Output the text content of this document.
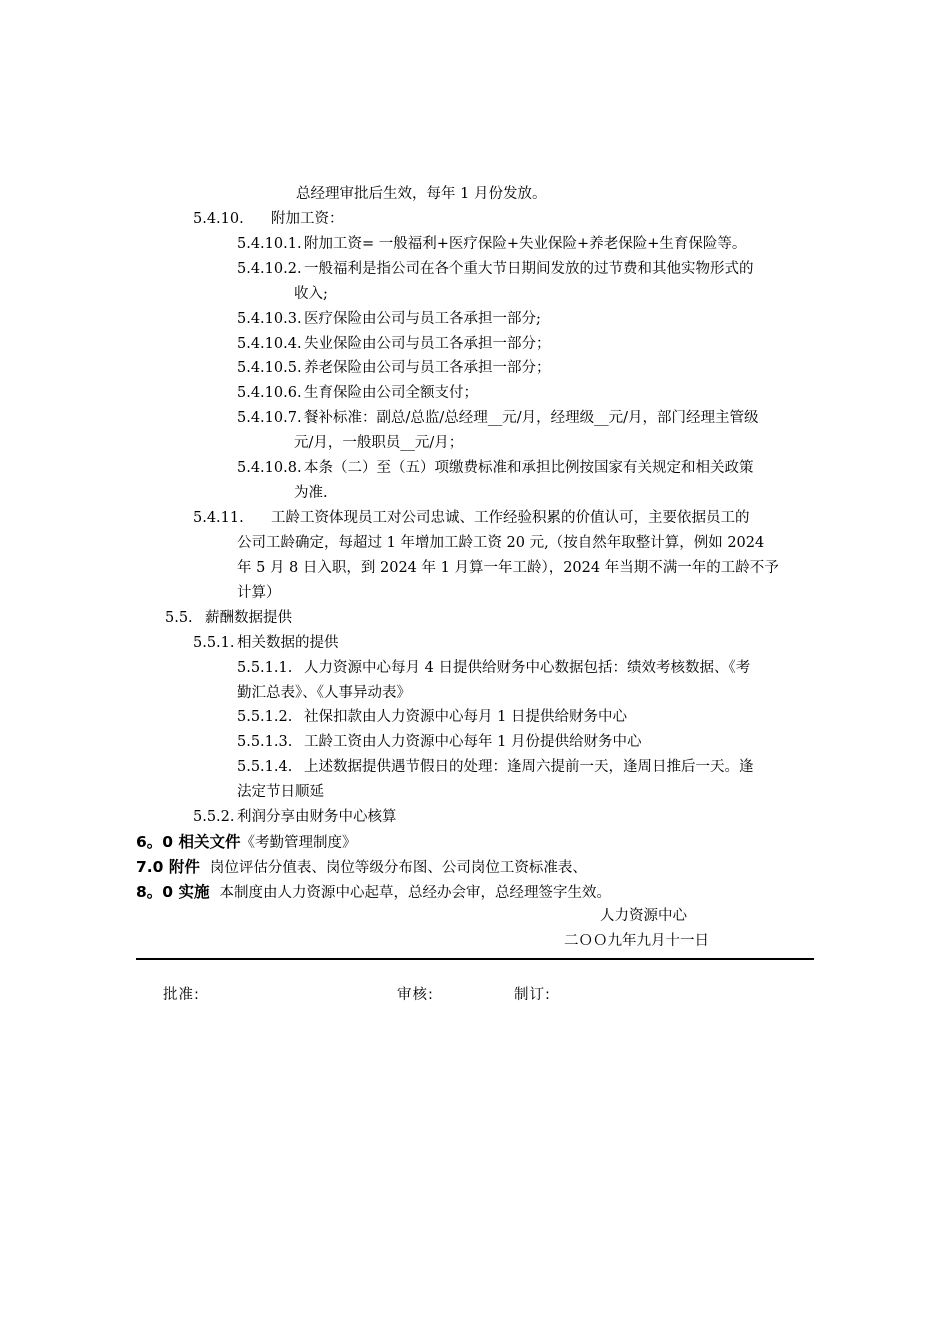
总经理审批后生效，每年 1 月份发放。
5.4.10. 附加工资：
5.4.10.1. 附加工资= 一般福利+医疗保险+失业保险+养老保险+生育保险等。
5.4.10.2. 一般福利是指公司在各个重大节日期间发放的过节费和其他实物形式的
收入;
5.4.10.3. 医疗保险由公司与员工各承担一部分;
5.4.10.4. 失业保险由公司与员工各承担一部分；
5.4.10.5. 养老保险由公司与员工各承担一部分；
5.4.10.6. 生育保险由公司全额支付；
5.4.10.7. 餐补标准：副总/总监/总经理__元/月，经理级__元/月，部门经理主管级
元/月，一般职员__元/月；
5.4.10.8. 本条（二）至（五）项缴费标准和承担比例按国家有关规定和相关政策
为准.
5.4.11. 工龄工资体现员工对公司忠诚、工作经验积累的价值认可，主要依据员工的
公司工龄确定，每超过 1 年增加工龄工资 20 元,（按自然年取整计算，例如 2024
年 5 月 8 日入职，到 2024 年 1 月算一年工龄），2024 年当期不满一年的工龄不予
计算）
5.5. 薪酬数据提供
5.5.1. 相关数据的提供
5.5.1.1. 人力资源中心每月 4 日提供给财务中心数据包括：绩效考核数据、《考
勤汇总表》、《人事异动表》
5.5.1.2. 社保扣款由人力资源中心每月 1 日提供给财务中心
5.5.1.3. 工龄工资由人力资源中心每年 1 月份提供给财务中心
5.5.1.4. 上述数据提供遇节假日的处理：逢周六提前一天，逢周日推后一天。逢
法定节日顺延
5.5.2. 利润分享由财务中心核算
6。0 相关文件《考勤管理制度》
7.0 附件 岗位评估分值表、岗位等级分布图、公司岗位工资标准表、
8。0 实施 本制度由人力资源中心起草，总经办会审，总经理签字生效。
人力资源中心
二ＯＯ九年九月十一日
批准:	审核:	制订:
